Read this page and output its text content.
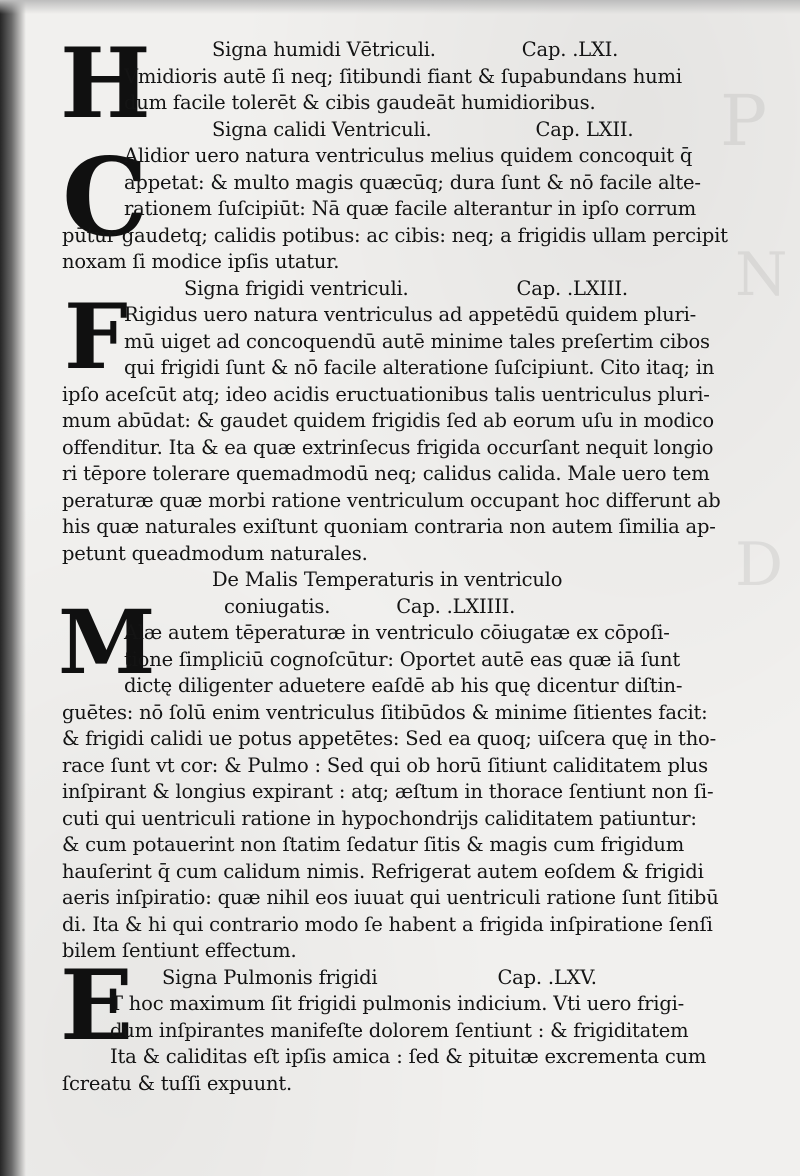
P
N
D
H
C
F
M
E
Signa humidi Vētriculi.	Cap. .LXI.
Vmidioris autē ſi neq; ſitibundi fiant & ſupabundans humi
dum facile tolerēt & cibis gaudeāt humidioribus.
Signa calidi Ventriculi.	Cap. LXII.
Alidior uero natura ventriculus melius quidem concoquit q̄
appetat: & multo magis quæcūq; dura ſunt & nō facile alte-
rationem ſuſcipiūt: Nā quæ facile alterantur in ipſo corrum
pūtur gaudetq; calidis potibus: ac cibis: neq; a frigidis ullam percipit
noxam ſi modice ipſis utatur.
Signa frigidi ventriculi.	Cap. .LXIII.
Rigidus uero natura ventriculus ad appetēdū quidem pluri-
mū uiget ad concoquendū autē minime tales preſertim cibos
qui frigidi ſunt & nō facile alteratione ſuſcipiunt. Cito itaq; in
ipſo aceſcūt atq; ideo acidis eructuationibus talis uentriculus pluri-
mum abūdat: & gaudet quidem frigidis ſed ab eorum uſu in modico
offenditur. Ita & ea quæ extrinſecus frigida occurſant nequit longio
ri tēpore tolerare quemadmodū neq; calidus calida. Male uero tem
peraturæ quæ morbi ratione ventriculum occupant hoc differunt ab
his quæ naturales exiſtunt quoniam contraria non autem ſimilia ap-
petunt queadmodum naturales.
De Malis Temperaturis in ventriculo
coniugatis.	Cap. .LXIIII.
Alæ autem tēperaturæ in ventriculo cōiugatæ ex cōpoſi-
tione ſimpliciū cognoſcūtur: Oportet autē eas quæ iā ſunt
dictę diligenter aduetere eaſdē ab his quę dicentur diſtin-
guētes: nō ſolū enim ventriculus ſitibūdos & minime ſitientes facit:
& frigidi calidi ue potus appetētes: Sed ea quoq; uiſcera quę in tho-
race ſunt vt cor: & Pulmo : Sed qui ob horū ſitiunt caliditatem plus
inſpirant & longius expirant : atq; æſtum in thorace ſentiunt non ſi-
cuti qui uentriculi ratione in hypochondrijs caliditatem patiuntur:
& cum potauerint non ſtatim ſedatur ſitis & magis cum frigidum
hauſerint q̄ cum calidum nimis. Refrigerat autem eoſdem & frigidi
aeris inſpiratio: quæ nihil eos iuuat qui uentriculi ratione ſunt ſitibū
di. Ita & hi qui contrario modo ſe habent a frigida inſpiratione ſenſi
bilem ſentiunt effectum.
Signa Pulmonis frigidi	Cap. .LXV.
T hoc maximum ſit frigidi pulmonis indicium. Vti uero frigi-
dum inſpirantes manifeſte dolorem ſentiunt : & frigiditatem
Ita & caliditas eſt ipſis amica : ſed & pituitæ excrementa cum
ſcreatu & tuſſi expuunt.
